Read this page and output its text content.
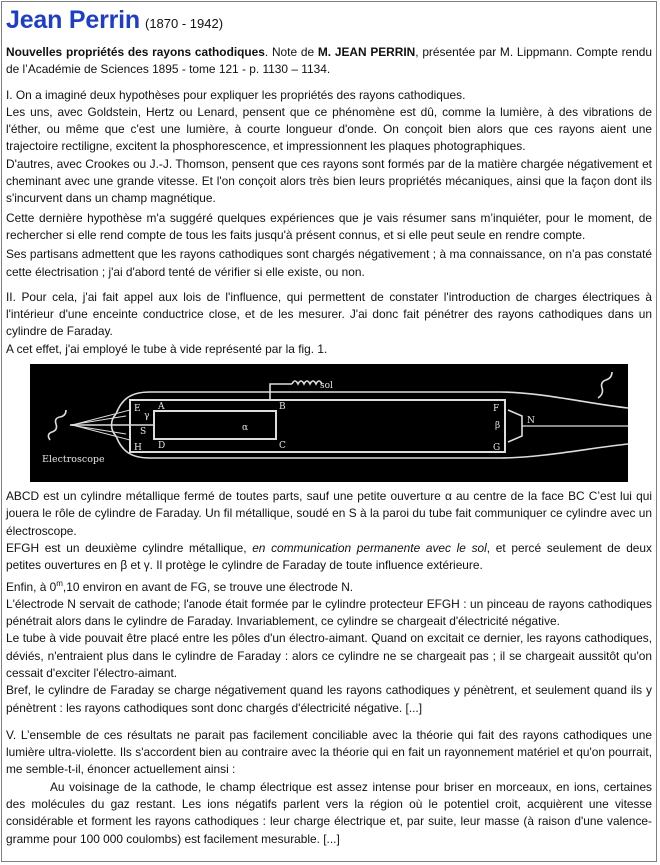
Jean Perrin (1870 - 1942)

Nouvelles propriétés des rayons cathodiques. Note de M. JEAN PERRIN, présentée par M. Lippmann. Compte rendu de l’Académie de Sciences 1895 - tome 121 - p. 1130 – 1134.

I. On a imaginé deux hypothèses pour expliquer les propriétés des rayons cathodiques.

Les uns, avec Goldstein, Hertz ou Lenard, pensent que ce phénomène est dû, comme la lumière, à des vibrations de l'éther, ou même que c'est une lumière, à courte longueur d'onde. On conçoit bien alors que ces rayons aient une trajectoire rectiligne, excitent la phosphorescence, et impressionnent les plaques photographiques.

D'autres, avec Crookes ou J.-J. Thomson, pensent que ces rayons sont formés par de la matière chargée négativement et cheminant avec une grande vitesse. Et l'on conçoit alors très bien leurs propriétés mécaniques, ainsi que la façon dont ils s'incurvent dans un champ magnétique.

Cette dernière hypothèse m'a suggéré quelques expériences que je vais résumer sans m’inquiéter, pour le moment, de rechercher si elle rend compte de tous les faits jusqu'à présent connus, et si elle peut seule en rendre compte.

Ses partisans admettent que les rayons cathodiques sont chargés négativement ; à ma connaissance, on n'a pas constaté cette électrisation ; j'ai d'abord tenté de vérifier si elle existe, ou non.

II. Pour cela, j'ai fait appel aux lois de l'influence, qui permettent de constater l'introduction de charges électriques à l'intérieur d'une enceinte conductrice close, et de les mesurer. J'ai donc fait pénétrer des rayons cathodiques dans un cylindre de Faraday.

A cet effet, j'ai employé le tube à vide représenté par la fig. 1.

sol
E
γ
A	F
B
α	β
S
H D	C	G
N
Electroscope

ABCD est un cylindre métallique fermé de toutes parts, sauf une petite ouverture α au centre de la face BC C’est lui qui jouera le rôle de cylindre de Faraday. Un fil métallique, soudé en S à la paroi du tube fait communiquer ce cylindre avec un électroscope.

EFGH est un deuxième cylindre métallique, en communication permanente avec le sol, et percé seulement de deux petites ouvertures en β et γ. Il protège le cylindre de Faraday de toute influence extérieure.

Enfin, à 0$^m$,10 environ en avant de FG, se trouve une électrode N.

L'électrode N servait de cathode; l'anode était formée par le cylindre protecteur EFGH : un pinceau de rayons cathodiques pénétrait alors dans le cylindre de Faraday. Invariablement, ce cylindre se chargeait d'électricité négative.

Le tube à vide pouvait être placé entre les pôles d'un électro-aimant. Quand on excitait ce dernier, les rayons cathodiques, déviés, n'entraient plus dans le cylindre de Faraday : alors ce cylindre ne se chargeait pas ; il se chargeait aussitôt qu'on cessait d'exciter l'électro-aimant.

Bref, le cylindre de Faraday se charge négativement quand les rayons cathodiques y pénètrent, et seulement quand ils y pénètrent : les rayons cathodiques sont donc chargés d'électricité négative. [...]

V. L’ensemble de ces résultats ne parait pas facilement conciliable avec la théorie qui fait des rayons cathodiques une lumière ultra-violette. Ils s'accordent bien au contraire avec la théorie qui en fait un rayonnement matériel et qu'on pourrait, me semble-t-il, énoncer actuellement ainsi :

Au voisinage de la cathode, le champ électrique est assez intense pour briser en morceaux, en ions, certaines des molécules du gaz restant. Les ions négatifs parlent vers la région où le potentiel croit, acquièrent une vitesse considérable et forment les rayons cathodiques : leur charge électrique et, par suite, leur masse (à raison d'une valence-gramme pour 100 000 coulombs) est facilement mesurable. [...]
